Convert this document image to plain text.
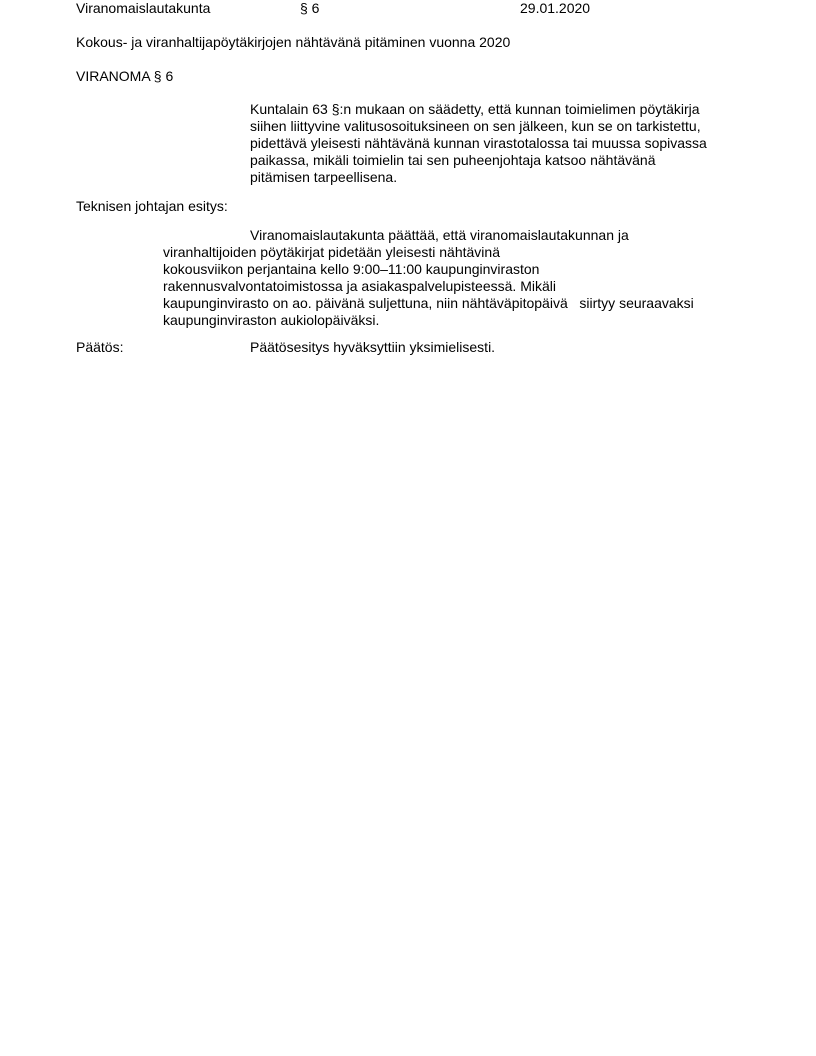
Viranomaislautakunta	§ 6	29.01.2020
Kokous- ja viranhaltijapöytäkirjojen nähtävänä pitäminen vuonna 2020
VIRANOMA § 6
Kuntalain 63 §:n mukaan on säädetty, että kunnan toimielimen pöytäkirja
siihen liittyvine valitusosoituksineen on sen jälkeen, kun se on tarkistettu,
pidettävä yleisesti nähtävänä kunnan virastotalossa tai muussa sopivassa
paikassa, mikäli toimielin tai sen puheenjohtaja katsoo nähtävänä
pitämisen tarpeellisena.
Teknisen johtajan esitys:
Viranomaislautakunta päättää, että viranomaislautakunnan ja
viranhaltijoiden pöytäkirjat pidetään yleisesti nähtävinä
kokousviikon perjantaina kello 9:00–11:00 kaupunginviraston
rakennusvalvontatoimistossa ja asiakaspalvelupisteessä. Mikäli
kaupunginvirasto on ao. päivänä suljettuna, niin nähtäväpitopäivä   siirtyy seuraavaksi
kaupunginviraston aukiolopäiväksi.
Päätös:	Päätösesitys hyväksyttiin yksimielisesti.
